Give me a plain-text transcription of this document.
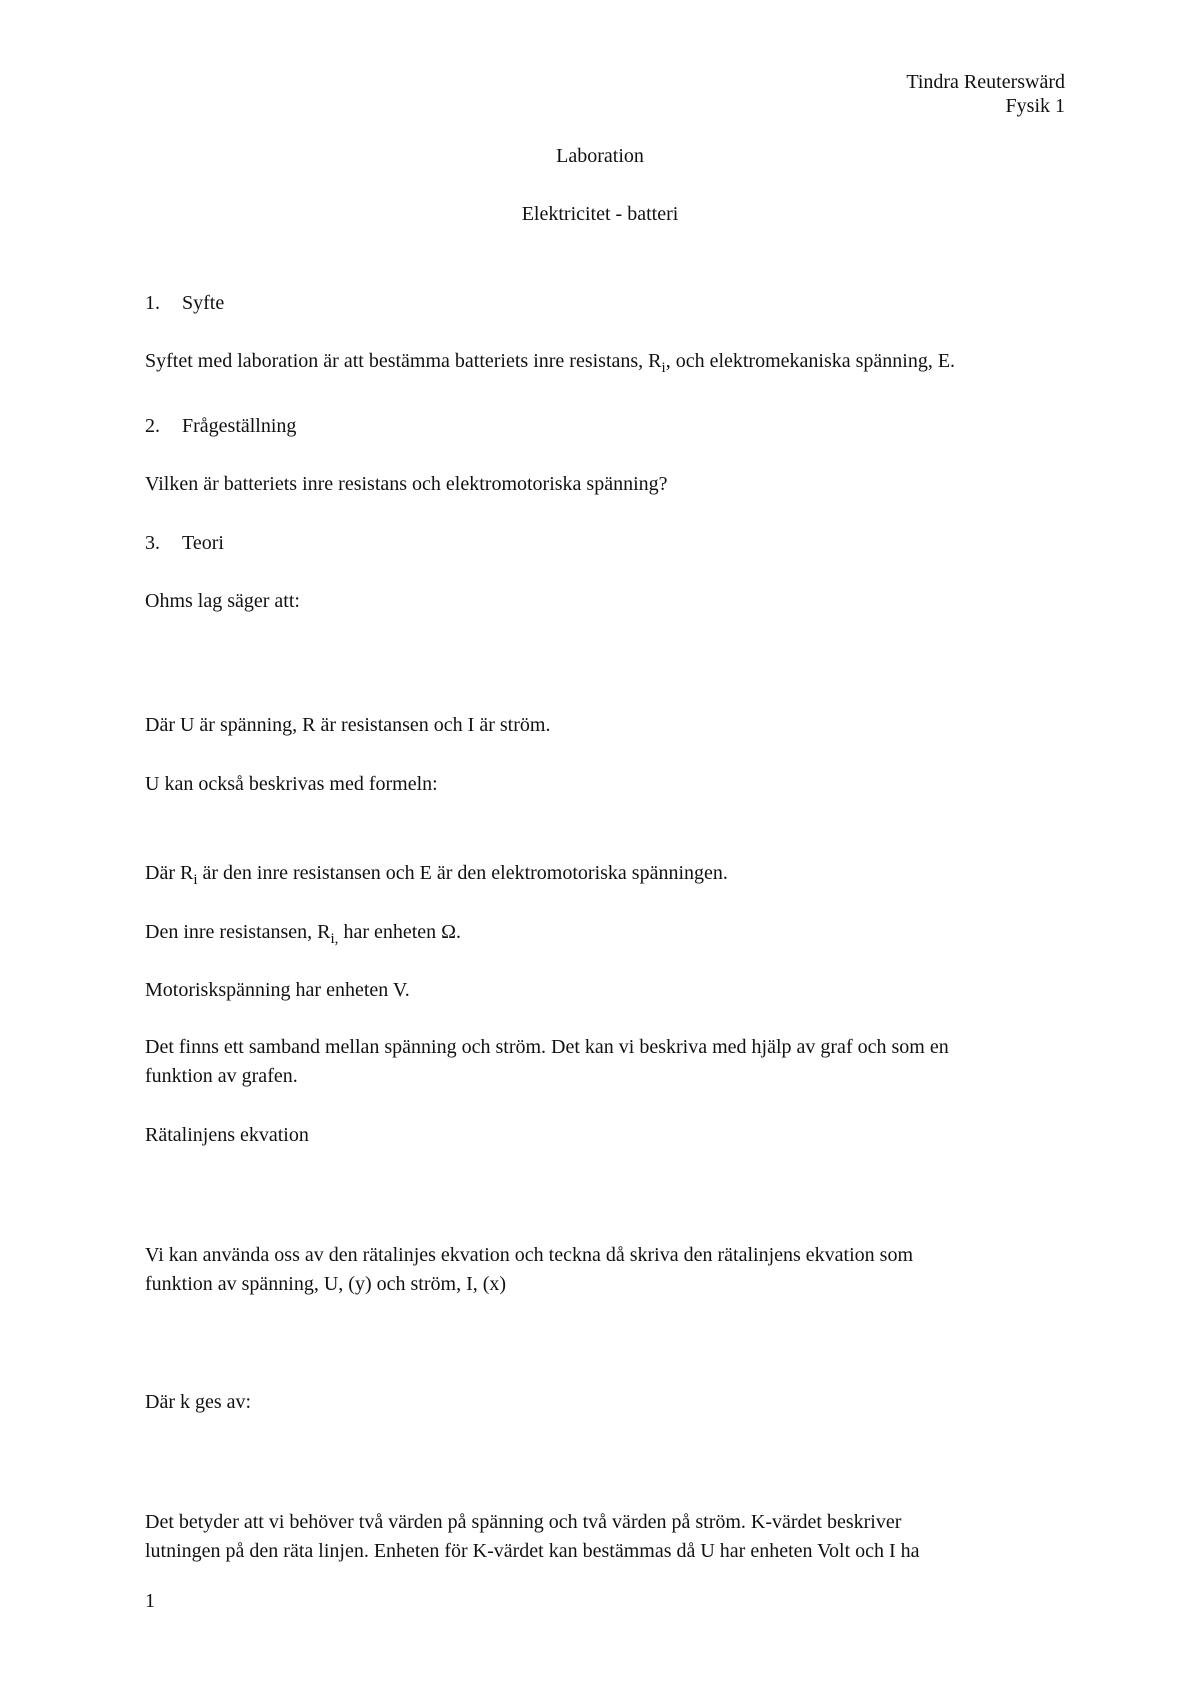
Tindra Reuterswärd
Fysik 1
Laboration
Elektricitet - batteri
1. Syfte
Syftet med laboration är att bestämma batteriets inre resistans, $R_i$, och elektromekaniska spänning, E.
2. Frågeställning
Vilken är batteriets inre resistans och elektromotoriska spänning?
3. Teori
Ohms lag säger att:
Där U är spänning, R är resistansen och I är ström.
U kan också beskrivas med formeln:
Där $R_i$ är den inre resistansen och E är den elektromotoriska spänningen.
Den inre resistansen, $R_{i,}$ har enheten Ω.
Motoriskspänning har enheten V.
Det finns ett samband mellan spänning och ström. Det kan vi beskriva med hjälp av graf och som en
funktion av grafen.
Rätalinjens ekvation
Vi kan använda oss av den rätalinjes ekvation och teckna då skriva den rätalinjens ekvation som
funktion av spänning, U, (y) och ström, I, (x)
Där k ges av:
Det betyder att vi behöver två värden på spänning och två värden på ström. K-värdet beskriver
lutningen på den räta linjen. Enheten för K-värdet kan bestämmas då U har enheten Volt och I ha
1
